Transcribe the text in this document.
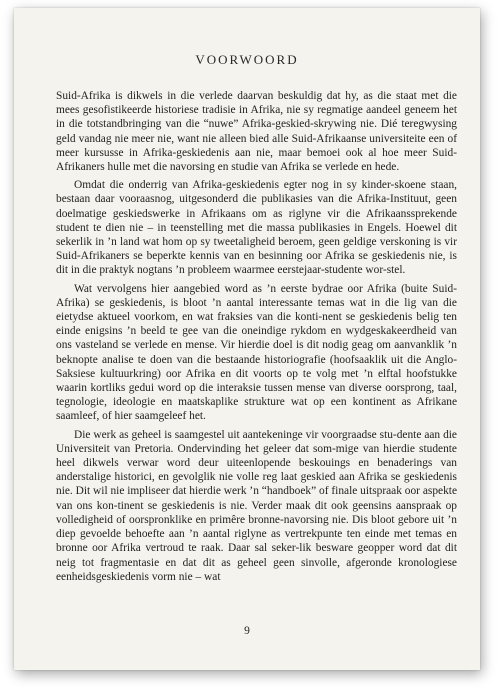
VOORWOORD

Suid-Afrika is dikwels in die verlede daarvan beskuldig dat hy, as die staat met die mees gesofistikeerde historiese tradisie in Afrika, nie sy regmatige aandeel geneem het in die totstandbringing van die “nuwe” Afrika-geskied-skrywing nie. Dié teregwysing geld vandag nie meer nie, want nie alleen bied alle Suid-Afrikaanse universiteite een of meer kursusse in Afrika-geskiedenis aan nie, maar bemoei ook al hoe meer Suid-Afrikaners hulle met die navorsing en studie van Afrika se verlede en hede.

Omdat die onderrig van Afrika-geskiedenis egter nog in sy kinder-skoene staan, bestaan daar vooraasnog, uitgesonderd die publikasies van die Afrika-Instituut, geen doelmatige geskiedswerke in Afrikaans om as riglyne vir die Afrikaanssprekende student te dien nie – in teenstelling met die massa publikasies in Engels. Hoewel dit sekerlik in ’n land wat hom op sy tweetaligheid beroem, geen geldige verskoning is vir Suid-Afrikaners se beperkte kennis van en besinning oor Afrika se geskiedenis nie, is dit in die praktyk nogtans ’n probleem waarmee eerstejaar-studente wor-stel.

Wat vervolgens hier aangebied word as ’n eerste bydrae oor Afrika (buite Suid-Afrika) se geskiedenis, is bloot ’n aantal interessante temas wat in die lig van die eietydse aktueel voorkom, en wat fraksies van die konti-nent se geskiedenis belig ten einde enigsins ’n beeld te gee van die oneindige rykdom en wydgeskakeerdheid van ons vasteland se verlede en mense. Vir hierdie doel is dit nodig geag om aanvanklik ’n beknopte analise te doen van die bestaande historiografie (hoofsaaklik uit die Anglo-Saksiese kultuurkring) oor Afrika en dit voorts op te volg met ’n elftal hoofstukke waarin kortliks gedui word op die interaksie tussen mense van diverse oorsprong, taal, tegnologie, ideologie en maatskaplike strukture wat op een kontinent as Afrikane saamleef, of hier saamgeleef het.

Die werk as geheel is saamgestel uit aantekeninge vir voorgraadse stu-dente aan die Universiteit van Pretoria. Ondervinding het geleer dat som-mige van hierdie studente heel dikwels verwar word deur uiteenlopende beskouings en benaderings van anderstalige historici, en gevolglik nie volle reg laat geskied aan Afrika se geskiedenis nie. Dit wil nie impliseer dat hierdie werk ’n “handboek” of finale uitspraak oor aspekte van ons kon-tinent se geskiedenis is nie. Verder maak dit ook geensins aanspraak op volledigheid of oorspronklike en primêre bronne-navorsing nie. Dis bloot gebore uit ’n diep gevoelde behoefte aan ’n aantal riglyne as vertrekpunte ten einde met temas en bronne oor Afrika vertroud te raak. Daar sal seker-lik besware geopper word dat dit neig tot fragmentasie en dat dit as geheel geen sinvolle, afgeronde kronologiese eenheidsgeskiedenis vorm nie – wat

9
